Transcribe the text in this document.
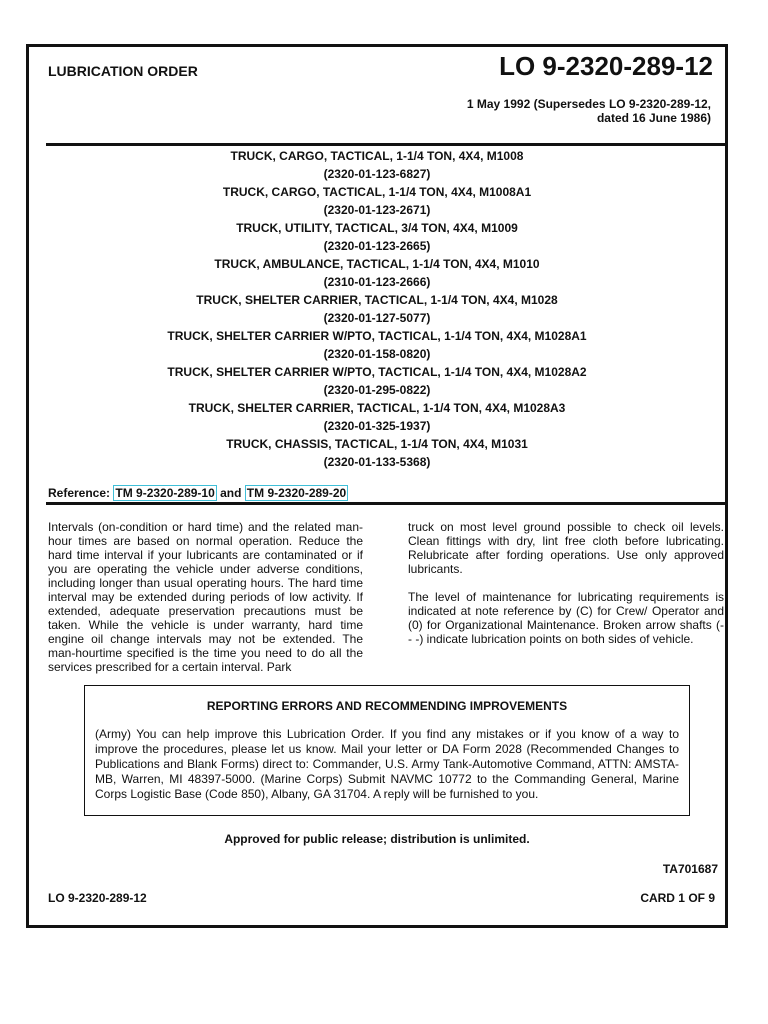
LUBRICATION ORDER	LO 9-2320-289-12
1 May 1992 (Supersedes LO 9-2320-289-12,
dated 16 June 1986)
TRUCK, CARGO, TACTICAL, 1-1/4 TON, 4X4, M1008
(2320-01-123-6827)
TRUCK, CARGO, TACTICAL, 1-1/4 TON, 4X4, M1008A1
(2320-01-123-2671)
TRUCK, UTILITY, TACTICAL, 3/4 TON, 4X4, M1009
(2320-01-123-2665)
TRUCK, AMBULANCE, TACTICAL, 1-1/4 TON, 4X4, M1010
(2310-01-123-2666)
TRUCK, SHELTER CARRIER, TACTICAL, 1-1/4 TON, 4X4, M1028
(2320-01-127-5077)
TRUCK, SHELTER CARRIER W/PTO, TACTICAL, 1-1/4 TON, 4X4, M1028A1
(2320-01-158-0820)
TRUCK, SHELTER CARRIER W/PTO, TACTICAL, 1-1/4 TON, 4X4, M1028A2
(2320-01-295-0822)
TRUCK, SHELTER CARRIER, TACTICAL, 1-1/4 TON, 4X4, M1028A3
(2320-01-325-1937)
TRUCK, CHASSIS, TACTICAL, 1-1/4 TON, 4X4, M1031
(2320-01-133-5368)
Reference: TM 9-2320-289-10 and TM 9-2320-289-20

Intervals (on-condition or hard time) and the related man-hour times are based on normal operation. Reduce the hard time interval if your lubricants are contaminated or if you are operating the vehicle under adverse conditions, including longer than usual operating hours. The hard time interval may be extended during periods of low activity. If extended, adequate preservation precautions must be taken. While the vehicle is under warranty, hard time engine oil change intervals may not be extended. The man-hourtime specified is the time you need to do all the services prescribed for a certain interval. Park

truck on most level ground possible to check oil levels. Clean fittings with dry, lint free cloth before lubricating. Relubricate after fording operations. Use only approved lubricants.

The level of maintenance for lubricating requirements is indicated at note reference by (C) for Crew/ Operator and (0) for Organizational Maintenance. Broken arrow shafts (- - -) indicate lubrication points on both sides of vehicle.

REPORTING ERRORS AND RECOMMENDING IMPROVEMENTS
(Army) You can help improve this Lubrication Order. If you find any mistakes or if you know of a way to improve the procedures, please let us know. Mail your letter or DA Form 2028 (Recommended Changes to Publications and Blank Forms) direct to: Commander, U.S. Army Tank-Automotive Command, ATTN: AMSTA-MB, Warren, MI 48397-5000. (Marine Corps) Submit NAVMC 10772 to the Commanding General, Marine Corps Logistic Base (Code 850), Albany, GA 31704. A reply will be furnished to you.
Approved for public release; distribution is unlimited.
TA701687
LO 9-2320-289-12	CARD 1 OF 9
